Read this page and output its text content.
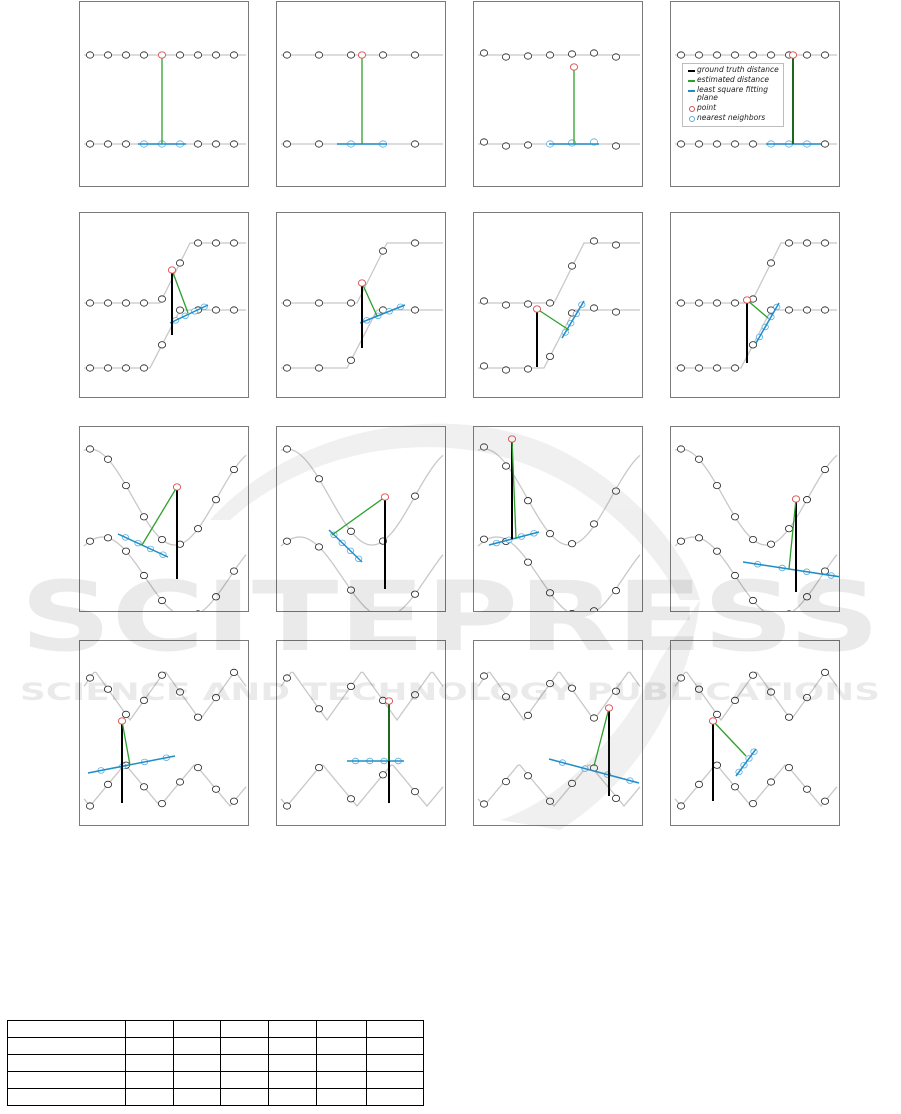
SCITEPRESS
SCIENCE AND TECHNOLOGY PUBLICATIONS
ground truth distance
estimated distance
least square fitting plane
point
nearest neighbors
